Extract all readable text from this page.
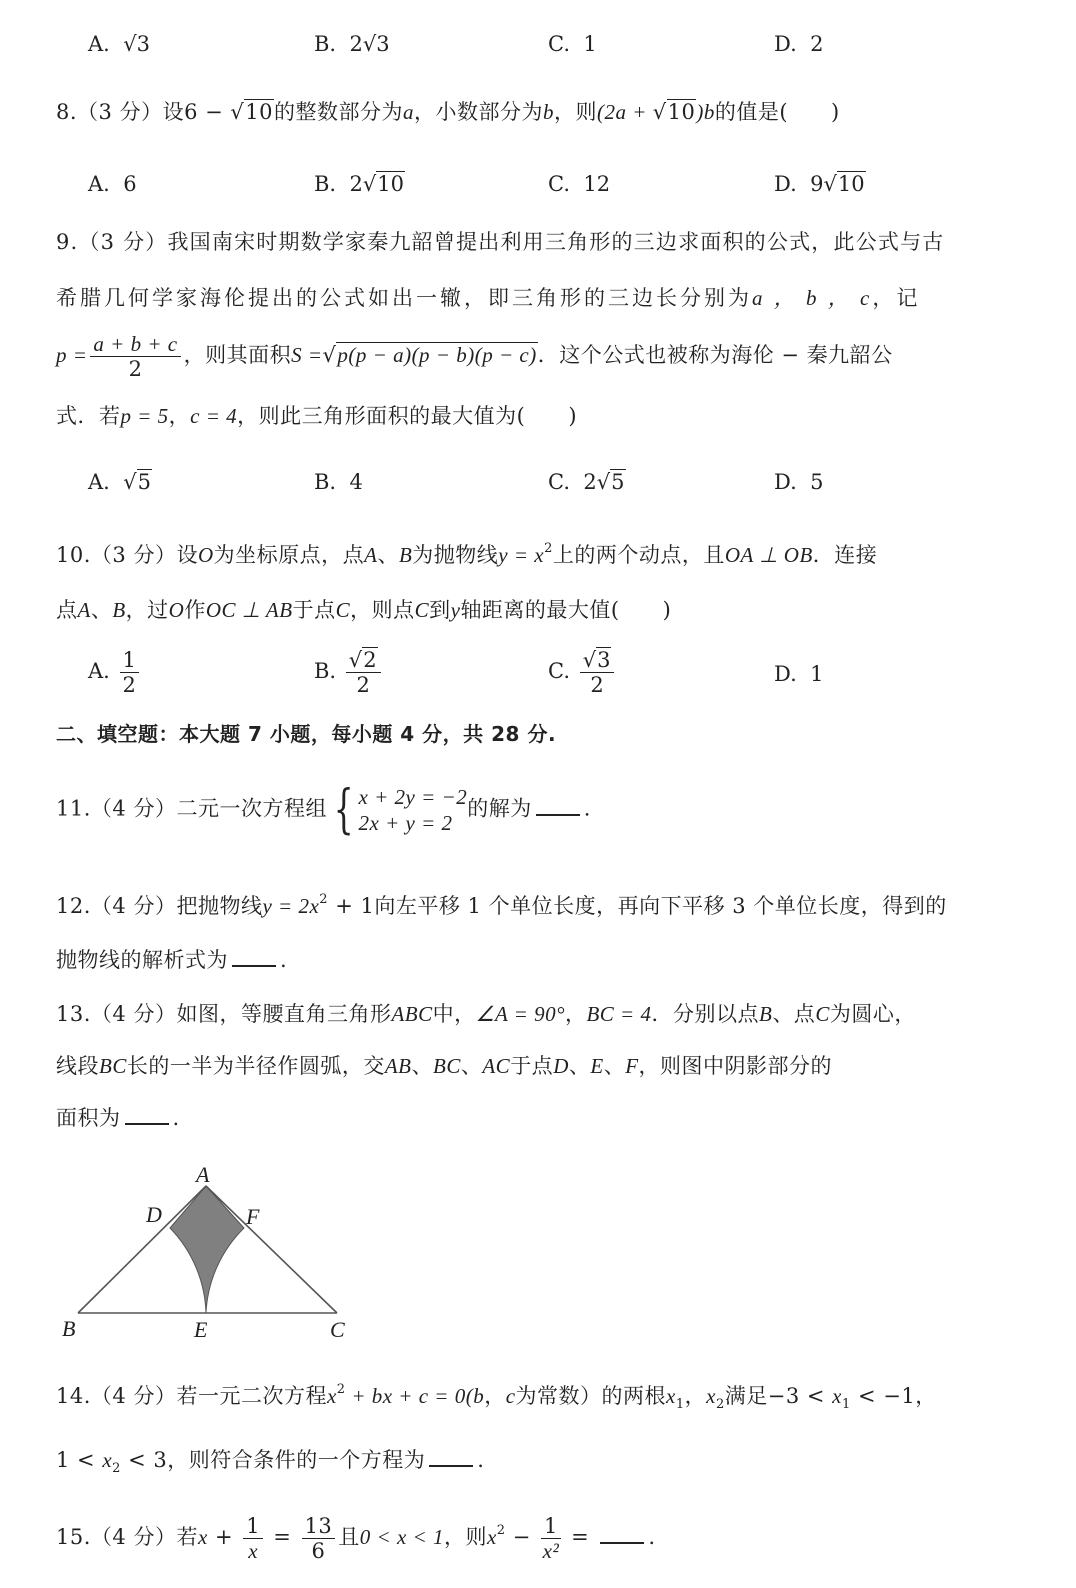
A. √3	B. 2√3	C. 1	D. 2
8.（3 分）设6 − √10的整数部分为a，小数部分为b，则(2a + √10)b的值是(　　)
A. 6	B. 2√10	C. 12	D. 9√10
9.（3 分）我国南宋时期数学家秦九韶曾提出利用三角形的三边求面积的公式，此公式与古
希腊几何学家海伦提出的公式如出一辙，即三角形的三边长分别为a ， b ， c，记
$p = \frac{a + b + c}{2}$ ，则其面积S =√p(p − a)(p − b)(p − c)．这个公式也被称为海伦 − 秦九韶公
式．若p = 5，c = 4，则此三角形面积的最大值为(　　)
A. √5	B. 4	C. 2√5	D. 5
10.（3 分）设O为坐标原点，点A、B为抛物线$y = x^2$上的两个动点，且OA ⊥ OB．连接
点A、B，过O作OC ⊥ AB于点C，则点C到y轴距离的最大值(　　)
A. $\frac{1}{2}$	B. $\frac{√2}{2}$	C. $\frac{√3}{2}$	D. 1
二、填空题：本大题 7 小题，每小题 4 分，共 28 分.
11.（4 分）二元一次方程组 { x + 2y = −2
2x + y = 2
的解为 .
12.（4 分）把抛物线$y = 2x^2 + 1$向左平移 1 个单位长度，再向下平移 3 个单位长度，得到的
抛物线的解析式为 .
13.（4 分）如图，等腰直角三角形ABC中，∠A = 90°，BC = 4．分别以点B、点C为圆心，
线段BC长的一半为半径作圆弧，交AB、BC、AC于点D、E、F，则图中阴影部分的
面积为 .
A
D	F
B	E	C
14.（4 分）若一元二次方程$x^2$ + bx + c = 0(b，c为常数）的两根$x_1$，$x_2$满足$-3 < x_1 < -1$，
$1 < x_2 < 3$，则符合条件的一个方程为 .
15.（4 分）若$x + \frac{1}{x} = \frac{13}{6}$ 且0 < x < 1，则$x^2 - \frac{1}{\text{x²}}$ = .
